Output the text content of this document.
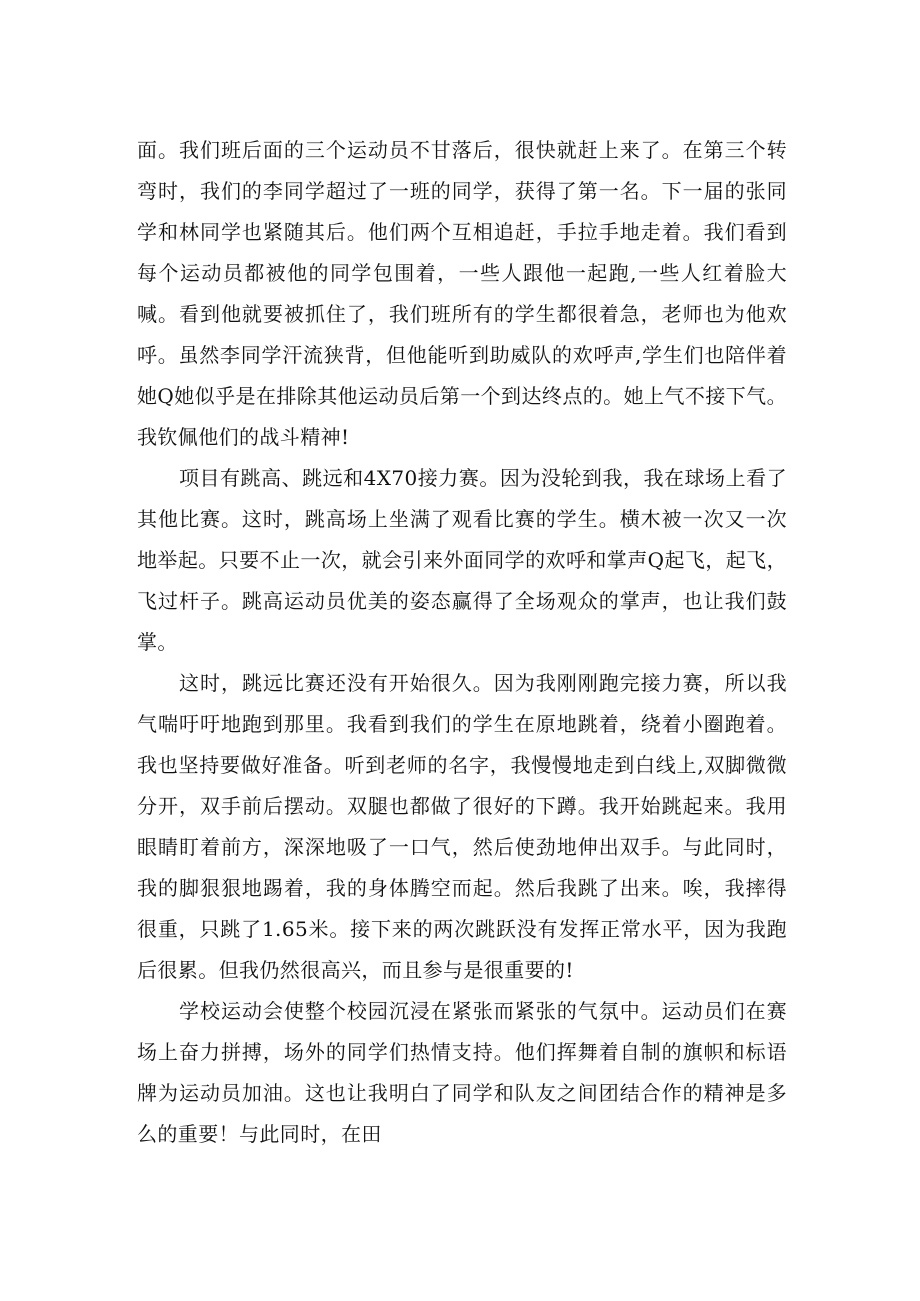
面。我们班后面的三个运动员不甘落后，很快就赶上来了。在第三个转弯时，我们的李同学超过了一班的同学，获得了第一名。下一届的张同学和林同学也紧随其后。他们两个互相追赶，手拉手地走着。我们看到每个运动员都被他的同学包围着，一些人跟他一起跑,一些人红着脸大喊。看到他就要被抓住了，我们班所有的学生都很着急，老师也为他欢呼。虽然李同学汗流狭背，但他能听到助威队的欢呼声,学生们也陪伴着她Q她似乎是在排除其他运动员后第一个到达终点的。她上气不接下气。我钦佩他们的战斗精神!

项目有跳高、跳远和4X70接力赛。因为没轮到我，我在球场上看了其他比赛。这时，跳高场上坐满了观看比赛的学生。横木被一次又一次地举起。只要不止一次，就会引来外面同学的欢呼和掌声Q起飞，起飞，飞过杆子。跳高运动员优美的姿态赢得了全场观众的掌声，也让我们鼓掌。

这时，跳远比赛还没有开始很久。因为我刚刚跑完接力赛，所以我气喘吁吁地跑到那里。我看到我们的学生在原地跳着，绕着小圈跑着。我也坚持要做好准备。听到老师的名字，我慢慢地走到白线上,双脚微微分开，双手前后摆动。双腿也都做了很好的下蹲。我开始跳起来。我用眼睛盯着前方，深深地吸了一口气，然后使劲地伸出双手。与此同时，我的脚狠狠地踢着，我的身体腾空而起。然后我跳了出来。唉，我摔得很重，只跳了1.65米。接下来的两次跳跃没有发挥正常水平，因为我跑后很累。但我仍然很高兴，而且参与是很重要的!

学校运动会使整个校园沉浸在紧张而紧张的气氛中。运动员们在赛场上奋力拼搏，场外的同学们热情支持。他们挥舞着自制的旗帜和标语牌为运动员加油。这也让我明白了同学和队友之间团结合作的精神是多么的重要！与此同时，在田
